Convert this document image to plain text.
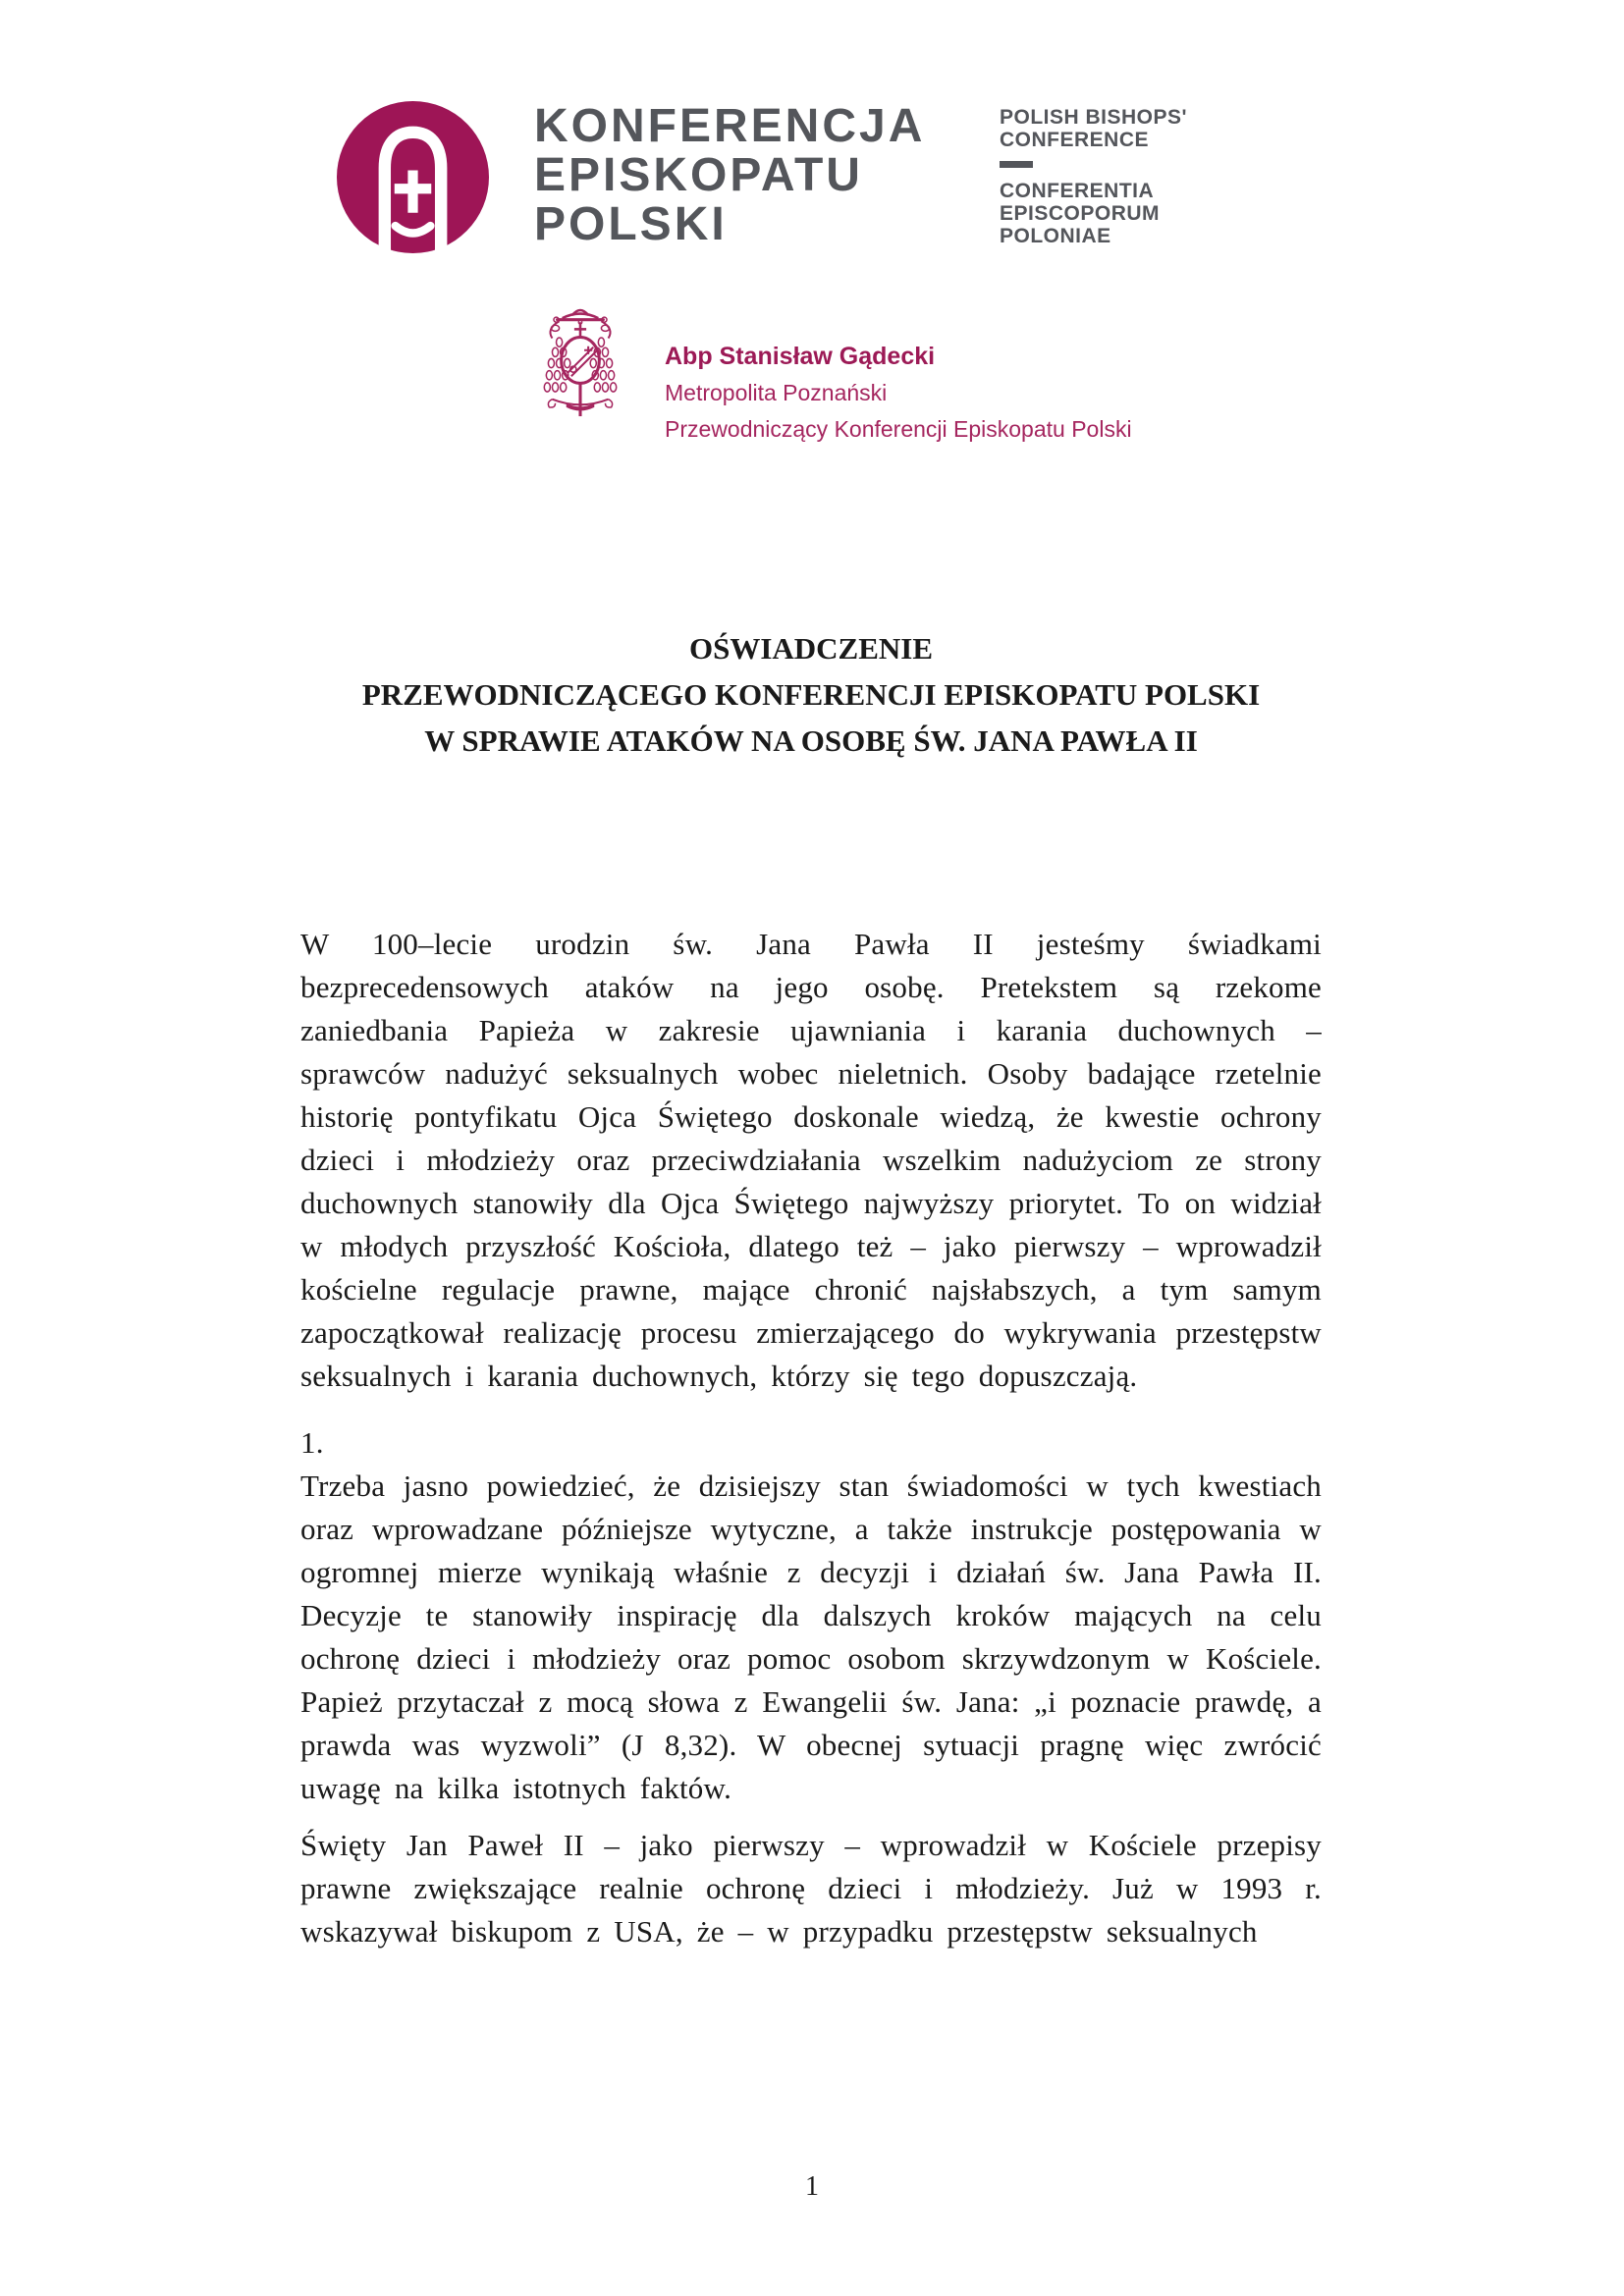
KONFERENCJA
EPISKOPATU
POLSKI
POLISH BISHOPS'
CONFERENCE
CONFERENTIA
EPISCOPORUM
POLONIAE
Abp Stanisław Gądecki
Metropolita Poznański
Przewodniczący Konferencji Episkopatu Polski
OŚWIADCZENIE
PRZEWODNICZĄCEGO KONFERENCJI EPISKOPATU POLSKI
W SPRAWIE ATAKÓW NA OSOBĘ ŚW. JANA PAWŁA II

W 100–lecie urodzin św. Jana Pawła II jesteśmy świadkami bezprecedensowych ataków na jego osobę. Pretekstem są rzekome zaniedbania Papieża w zakresie ujawniania i karania duchownych – sprawców nadużyć seksualnych wobec nieletnich. Osoby badające rzetelnie historię pontyfikatu Ojca Świętego doskonale wiedzą, że kwestie ochrony dzieci i młodzieży oraz przeciwdziałania wszelkim nadużyciom ze strony duchownych stanowiły dla Ojca Świętego najwyższy priorytet. To on widział w młodych przyszłość Kościoła, dlatego też – jako pierwszy – wprowadził kościelne regulacje prawne, mające chronić najsłabszych, a tym samym zapoczątkował realizację procesu zmierzającego do wykrywania przestępstw seksualnych i karania duchownych, którzy się tego dopuszczają.

1.

Trzeba jasno powiedzieć, że dzisiejszy stan świadomości w tych kwestiach oraz wprowadzane późniejsze wytyczne, a także instrukcje postępowania w ogromnej mierze wynikają właśnie z decyzji i działań św. Jana Pawła II. Decyzje te stanowiły inspirację dla dalszych kroków mających na celu ochronę dzieci i młodzieży oraz pomoc osobom skrzywdzonym w Kościele. Papież przytaczał z mocą słowa z Ewangelii św. Jana: „i poznacie prawdę, a prawda was wyzwoli” (J 8,32). W obecnej sytuacji pragnę więc zwrócić uwagę na kilka istotnych faktów.

Święty Jan Paweł II – jako pierwszy – wprowadził w Kościele przepisy prawne zwiększające realnie ochronę dzieci i młodzieży. Już w 1993 r. wskazywał biskupom z USA, że – w przypadku przestępstw seksualnych

1
